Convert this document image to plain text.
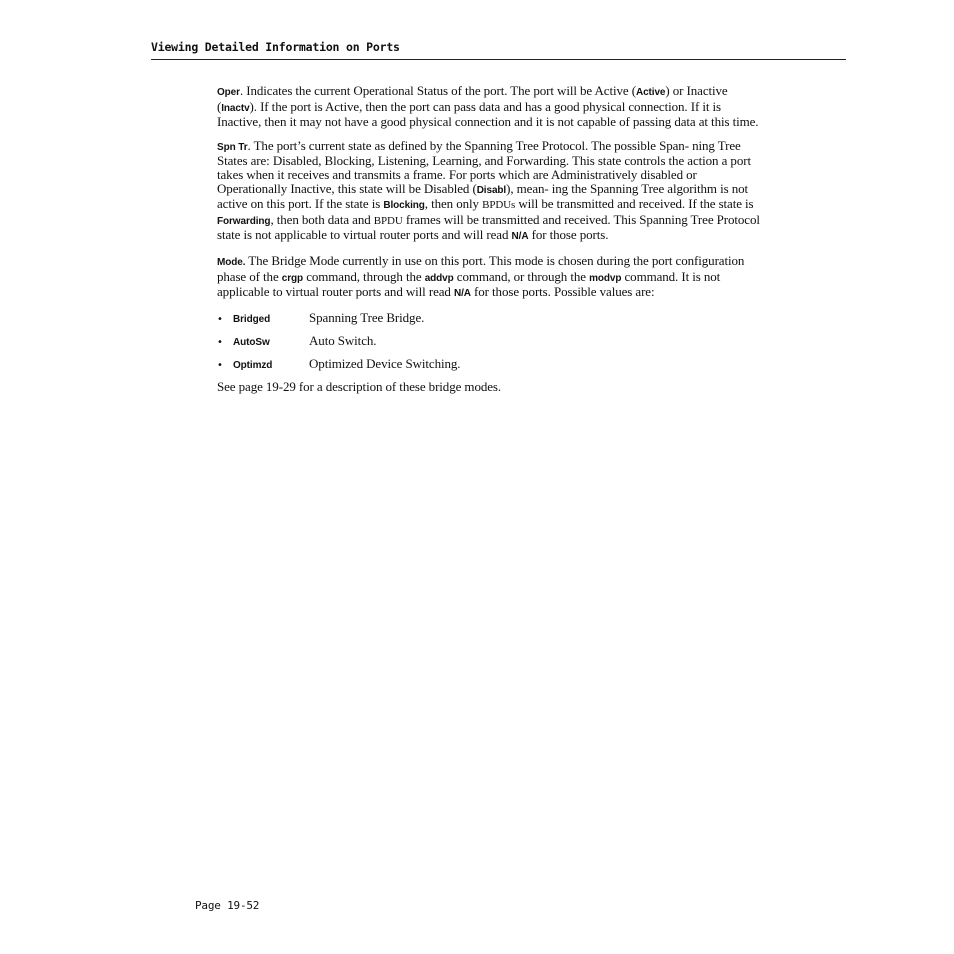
Viewing Detailed Information on Ports

Oper. Indicates the current Operational Status of the port. The port will be Active (Active) or Inactive (Inactv). If the port is Active, then the port can pass data and has a good physical connection. If it is Inactive, then it may not have a good physical connection and it is not capable of passing data at this time.

Spn Tr. The port’s current state as defined by the Spanning Tree Protocol. The possible Span- ning Tree States are: Disabled, Blocking, Listening, Learning, and Forwarding. This state controls the action a port takes when it receives and transmits a frame. For ports which are Administratively disabled or Operationally Inactive, this state will be Disabled (Disabl), mean- ing the Spanning Tree algorithm is not active on this port. If the state is Blocking, then only BPDUs will be transmitted and received. If the state is Forwarding, then both data and BPDU frames will be transmitted and received. This Spanning Tree Protocol state is not applicable to virtual router ports and will read N/A for those ports.

Mode. The Bridge Mode currently in use on this port. This mode is chosen during the port configuration phase of the crgp command, through the addvp command, or through the modvp command. It is not applicable to virtual router ports and will read N/A for those ports. Possible values are:

•	Bridged	Spanning Tree Bridge.
•	AutoSw	Auto Switch.
•	Optimzd	Optimized Device Switching.

See page 19-29 for a description of these bridge modes.

Page 19-52
